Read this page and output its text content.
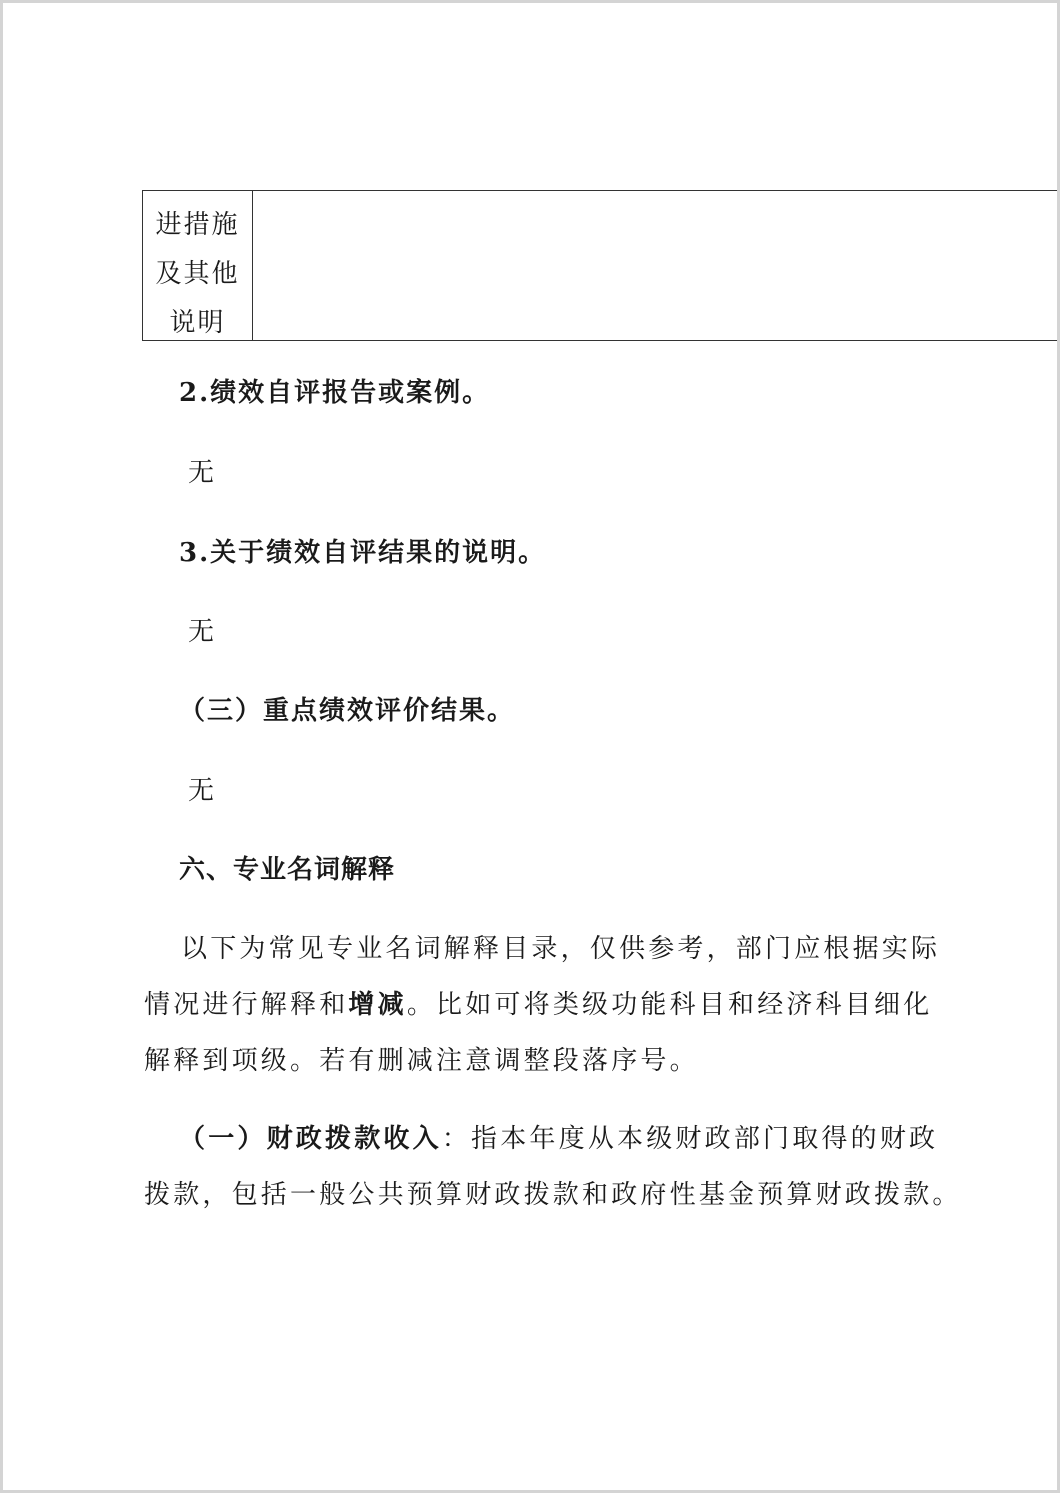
进措施
及其他
说明

2.绩效自评报告或案例。

无

3.关于绩效自评结果的说明。

无

（三）重点绩效评价结果。

无

六、专业名词解释

以下为常见专业名词解释目录，仅供参考，部门应根据实际

情况进行解释和增减。比如可将类级功能科目和经济科目细化

解释到项级。若有删减注意调整段落序号。

（一）财政拨款收入：指本年度从本级财政部门取得的财政

拨款，包括一般公共预算财政拨款和政府性基金预算财政拨款。
